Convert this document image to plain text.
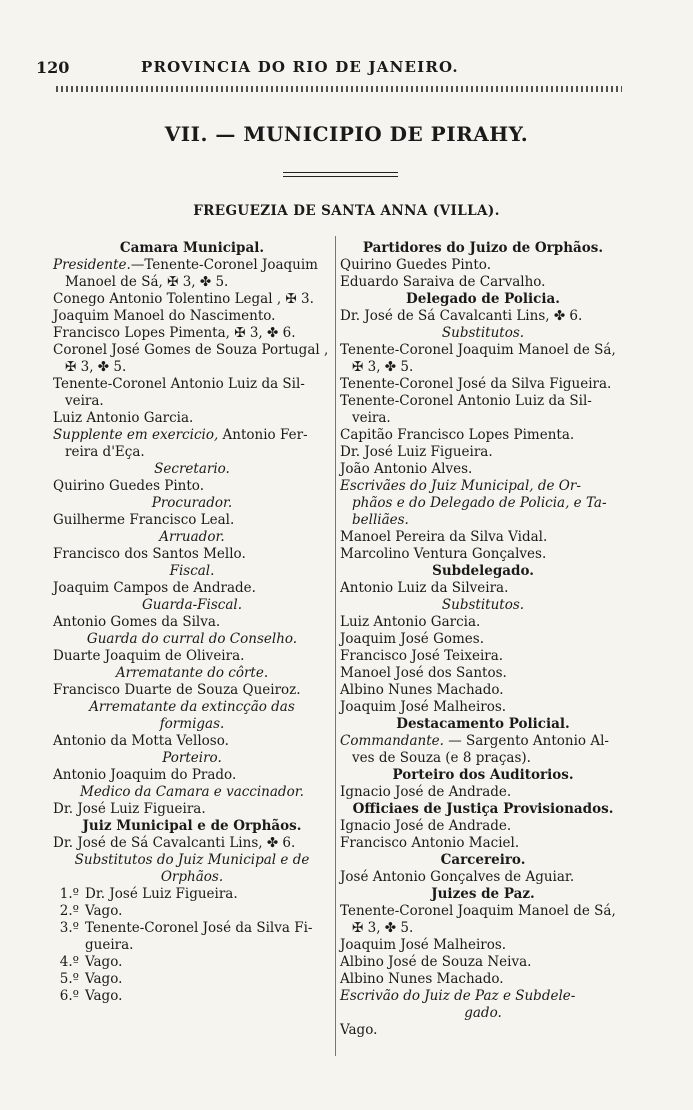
120	PROVINCIA DO RIO DE JANEIRO.
VII. — MUNICIPIO DE PIRAHY.
FREGUEZIA DE SANTA ANNA (VILLA).
Camara Municipal.
Presidente.—Tenente-Coronel Joaquim
Manoel de Sá, ✠ 3, ✤ 5.
Conego Antonio Tolentino Legal , ✠ 3.
Joaquim Manoel do Nascimento.
Francisco Lopes Pimenta, ✠ 3, ✤ 6.
Coronel José Gomes de Souza Portugal ,
✠ 3, ✤ 5.
Tenente-Coronel Antonio Luiz da Sil-
veira.
Luiz Antonio Garcia.
Supplente em exercicio, Antonio Fer-
reira d'Eça.
Secretario.
Quirino Guedes Pinto.
Procurador.
Guilherme Francisco Leal.
Arruador.
Francisco dos Santos Mello.
Fiscal.
Joaquim Campos de Andrade.
Guarda-Fiscal.
Antonio Gomes da Silva.
Guarda do curral do Conselho.
Duarte Joaquim de Oliveira.
Arrematante do côrte.
Francisco Duarte de Souza Queiroz.
Arrematante da extincção das
formigas.
Antonio da Motta Velloso.
Porteiro.
Antonio Joaquim do Prado.
Medico da Camara e vaccinador.
Dr. José Luiz Figueira.
Juiz Municipal e de Orphãos.
Dr. José de Sá Cavalcanti Lins, ✤ 6.
Substitutos do Juiz Municipal e de
Orphãos.
1.º Dr. José Luiz Figueira.
2.º Vago.
3.º Tenente-Coronel José da Silva Fi-
gueira.
4.º Vago.
5.º Vago.
6.º Vago.
Partidores do Juizo de Orphãos.
Quirino Guedes Pinto.
Eduardo Saraiva de Carvalho.
Delegado de Policia.
Dr. José de Sá Cavalcanti Lins, ✤ 6.
Substitutos.
Tenente-Coronel Joaquim Manoel de Sá,
✠ 3, ✤ 5.
Tenente-Coronel José da Silva Figueira.
Tenente-Coronel Antonio Luiz da Sil-
veira.
Capitão Francisco Lopes Pimenta.
Dr. José Luiz Figueira.
João Antonio Alves.
Escrivães do Juiz Municipal, de Or-
phãos e do Delegado de Policia, e Ta-
belliães.
Manoel Pereira da Silva Vidal.
Marcolino Ventura Gonçalves.
Subdelegado.
Antonio Luiz da Silveira.
Substitutos.
Luiz Antonio Garcia.
Joaquim José Gomes.
Francisco José Teixeira.
Manoel José dos Santos.
Albino Nunes Machado.
Joaquim José Malheiros.
Destacamento Policial.
Commandante. — Sargento Antonio Al-
ves de Souza (e 8 praças).
Porteiro dos Auditorios.
Ignacio José de Andrade.
Officiaes de Justiça Provisionados.
Ignacio José de Andrade.
Francisco Antonio Maciel.
Carcereiro.
José Antonio Gonçalves de Aguiar.
Juizes de Paz.
Tenente-Coronel Joaquim Manoel de Sá,
✠ 3, ✤ 5.
Joaquim José Malheiros.
Albino José de Souza Neiva.
Albino Nunes Machado.
Escrivão do Juiz de Paz e Subdele-
gado.
Vago.
